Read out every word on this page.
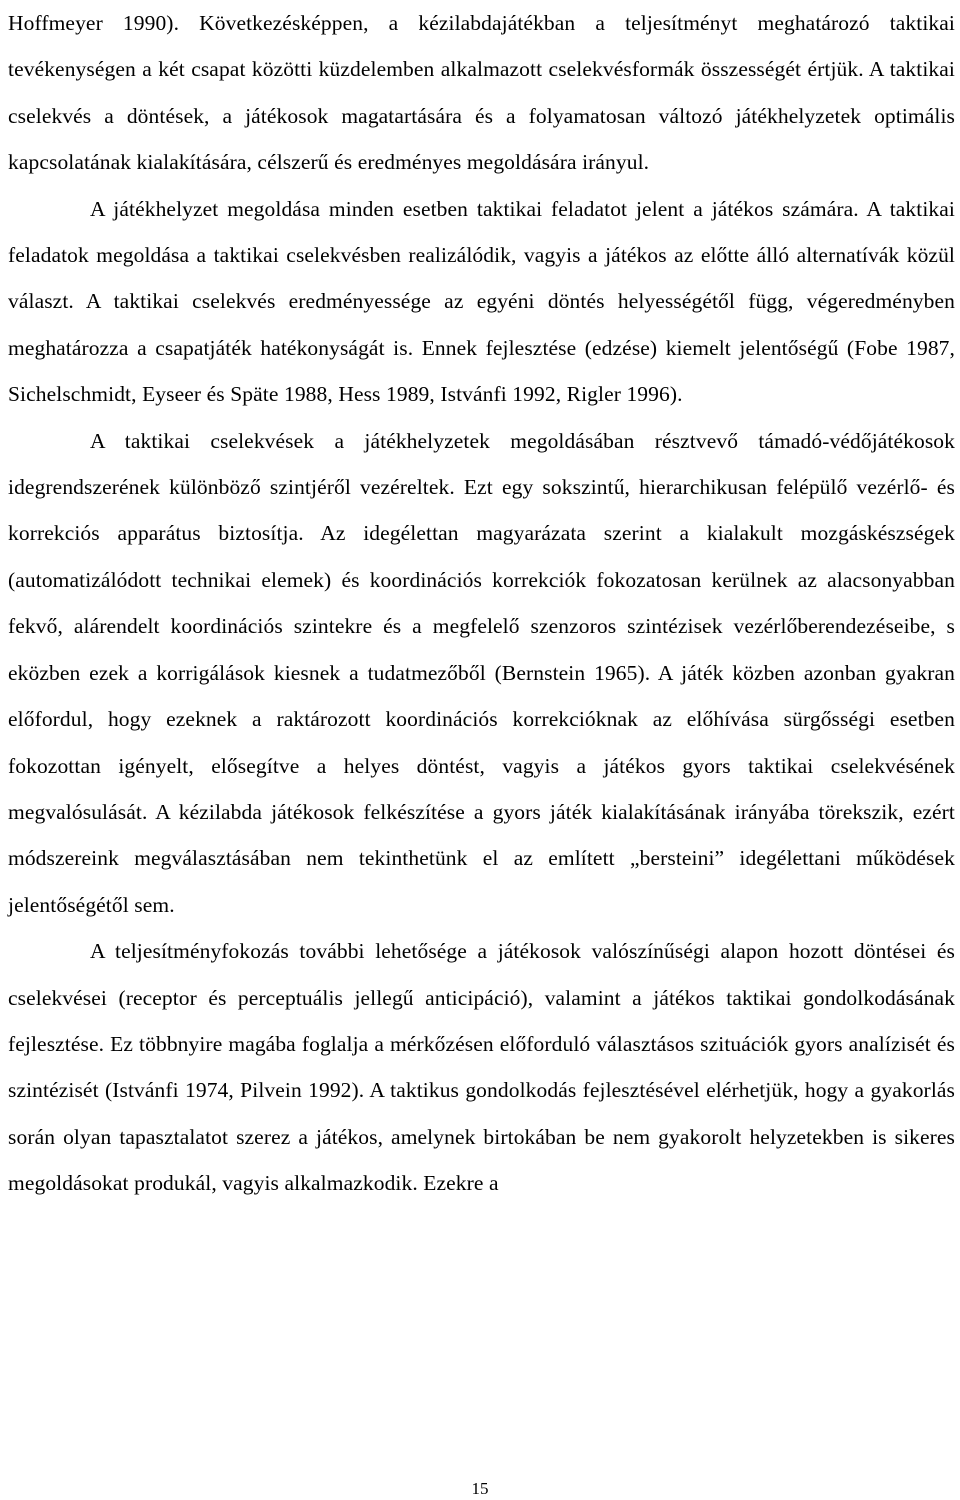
Hoffmeyer 1990). Következésképpen, a kézilabdajátékban a teljesítményt meghatározó taktikai tevékenységen a két csapat közötti küzdelemben alkalmazott cselekvésformák összességét értjük. A taktikai cselekvés a döntések, a játékosok magatartására és a folyamatosan változó játékhelyzetek optimális kapcsolatának kialakítására, célszerű és eredményes megoldására irányul.

A játékhelyzet megoldása minden esetben taktikai feladatot jelent a játékos számára. A taktikai feladatok megoldása a taktikai cselekvésben realizálódik, vagyis a játékos az előtte álló alternatívák közül választ. A taktikai cselekvés eredményessége az egyéni döntés helyességétől függ, végeredményben meghatározza a csapatjáték hatékonyságát is. Ennek fejlesztése (edzése) kiemelt jelentőségű (Fobe 1987, Sichelschmidt, Eyseer és Späte 1988, Hess 1989, Istvánfi 1992, Rigler 1996).

A taktikai cselekvések a játékhelyzetek megoldásában résztvevő támadó-védőjátékosok idegrendszerének különböző szintjéről vezéreltek. Ezt egy sokszintű, hierarchikusan felépülő vezérlő- és korrekciós apparátus biztosítja. Az idegélettan magyarázata szerint a kialakult mozgáskészségek (automatizálódott technikai elemek) és koordinációs korrekciók fokozatosan kerülnek az alacsonyabban fekvő, alárendelt koordinációs szintekre és a megfelelő szenzoros szintézisek vezérlőberendezéseibe, s eközben ezek a korrigálások kiesnek a tudatmezőből (Bernstein 1965). A játék közben azonban gyakran előfordul, hogy ezeknek a raktározott koordinációs korrekcióknak az előhívása sürgősségi esetben fokozottan igényelt, elősegítve a helyes döntést, vagyis a játékos gyors taktikai cselekvésének megvalósulását. A kézilabda játékosok felkészítése a gyors játék kialakításának irányába törekszik, ezért módszereink megválasztásában nem tekinthetünk el az említett „bersteini” idegélettani működések jelentőségétől sem.

A teljesítményfokozás további lehetősége a játékosok valószínűségi alapon hozott döntései és cselekvései (receptor és perceptuális jellegű anticipáció), valamint a játékos taktikai gondolkodásának fejlesztése. Ez többnyire magába foglalja a mérkőzésen előforduló választásos szituációk gyors analízisét és szintézisét (Istvánfi 1974, Pilvein 1992). A taktikus gondolkodás fejlesztésével elérhetjük, hogy a gyakorlás során olyan tapasztalatot szerez a játékos, amelynek birtokában be nem gyakorolt helyzetekben is sikeres megoldásokat produkál, vagyis alkalmazkodik. Ezekre a

15
